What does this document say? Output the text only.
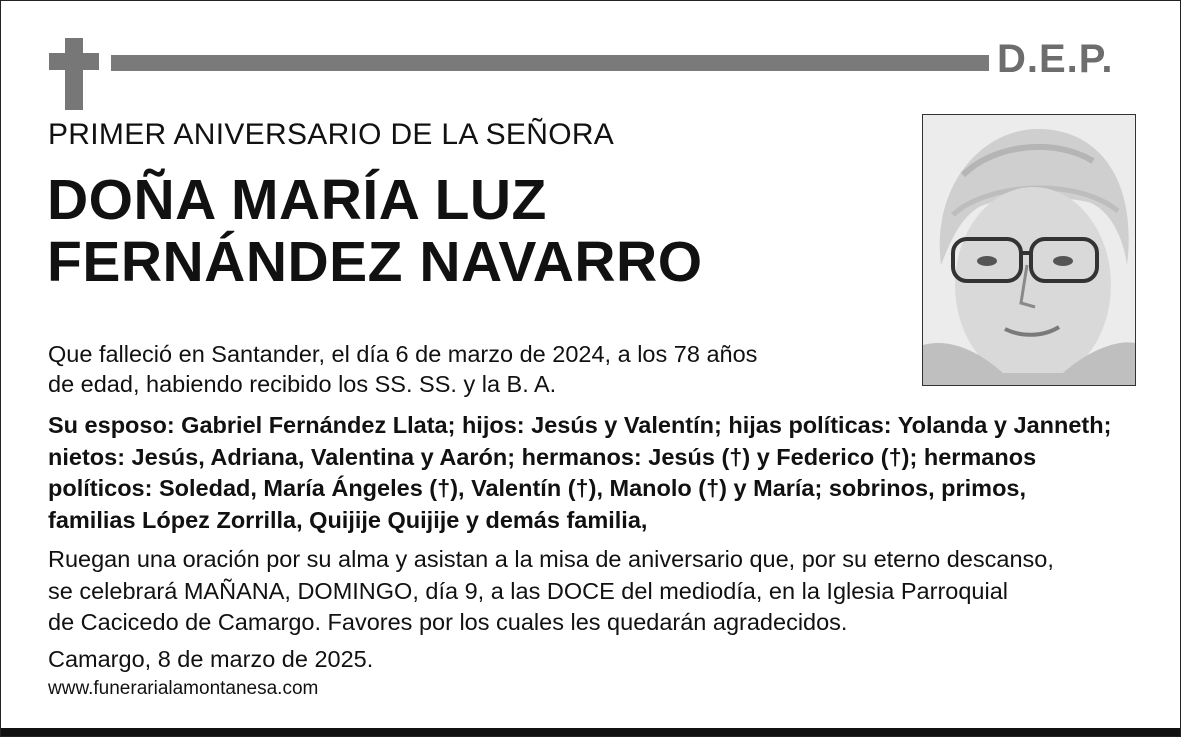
D.E.P.
PRIMER ANIVERSARIO DE LA SEÑORA
DOÑA MARÍA LUZ
FERNÁNDEZ NAVARRO
Que falleció en Santander, el día 6 de marzo de 2024, a los 78 años
de edad, habiendo recibido los SS. SS. y la B. A.
Su esposo: Gabriel Fernández Llata; hijos: Jesús y Valentín; hijas políticas: Yolanda y Janneth;
nietos: Jesús, Adriana, Valentina y Aarón; hermanos: Jesús (†) y Federico (†); hermanos
políticos: Soledad, María Ángeles (†), Valentín (†), Manolo (†) y María; sobrinos, primos,
familias López Zorrilla, Quijije Quijije y demás familia,
Ruegan una oración por su alma y asistan a la misa de aniversario que, por su eterno descanso,
se celebrará MAÑANA, DOMINGO, día 9, a las DOCE del mediodía, en la Iglesia Parroquial
de Cacicedo de Camargo. Favores por los cuales les quedarán agradecidos.
Camargo, 8 de marzo de 2025.
www.funerarialamontanesa.com
